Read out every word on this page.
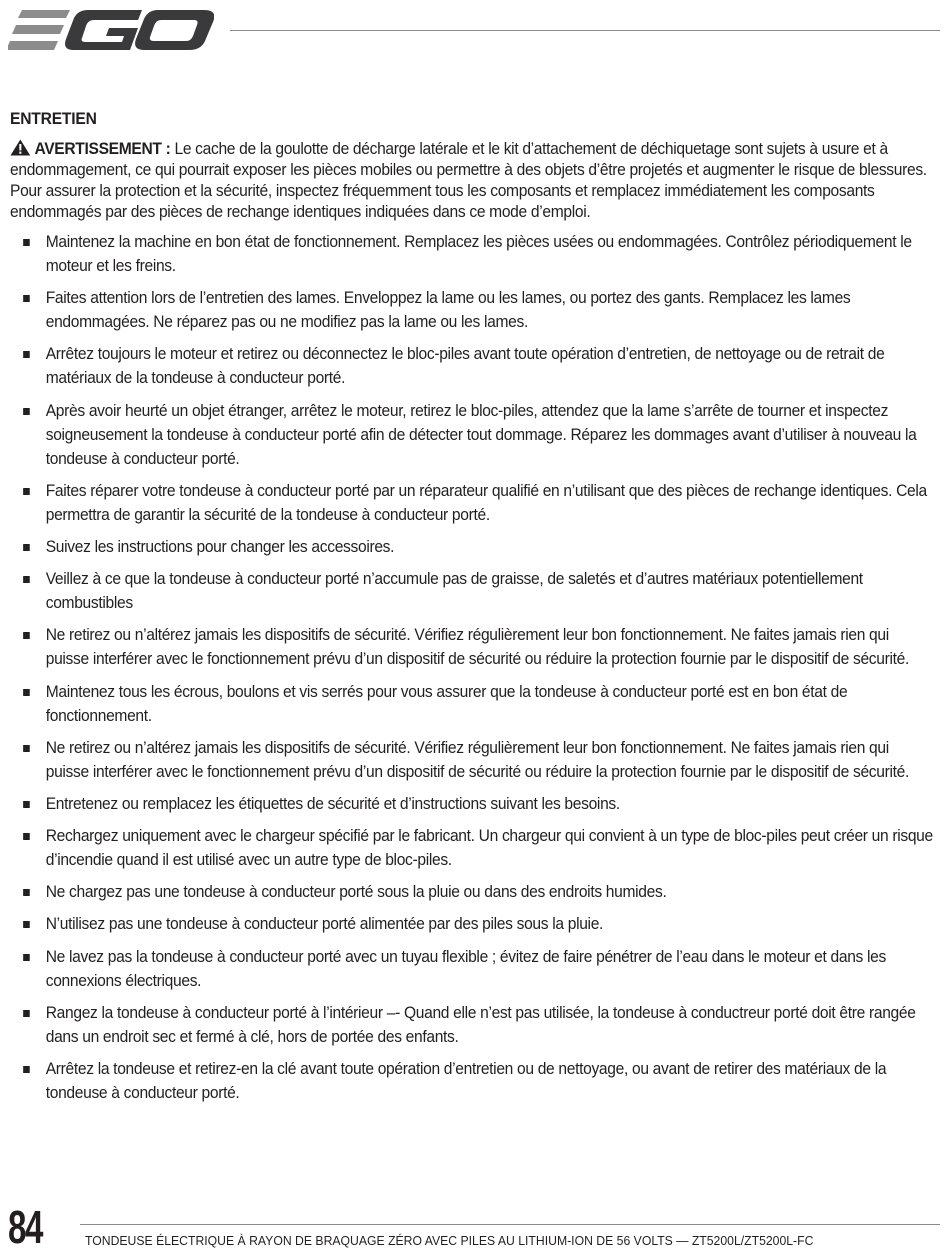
ENTRETIEN

AVERTISSEMENT : Le cache de la goulotte de décharge latérale et le kit d’attachement de déchiquetage sont sujets à usure et à endommagement, ce qui pourrait exposer les pièces mobiles ou permettre à des objets d’être projetés et augmenter le risque de blessures. Pour assurer la protection et la sécurité, inspectez fréquemment tous les composants et remplacez immédiatement les composants endommagés par des pièces de rechange identiques indiquées dans ce mode d’emploi.

Maintenez la machine en bon état de fonctionnement. Remplacez les pièces usées ou endommagées. Contrôlez périodiquement le moteur et les freins.
Faites attention lors de l’entretien des lames. Enveloppez la lame ou les lames, ou portez des gants. Remplacez les lames endommagées. Ne réparez pas ou ne modifiez pas la lame ou les lames.
Arrêtez toujours le moteur et retirez ou déconnectez le bloc-piles avant toute opération d’entretien, de nettoyage ou de retrait de matériaux de la tondeuse à conducteur porté.
Après avoir heurté un objet étranger, arrêtez le moteur, retirez le bloc-piles, attendez que la lame s’arrête de tourner et inspectez soigneusement la tondeuse à conducteur porté afin de détecter tout dommage. Réparez les dommages avant d’utiliser à nouveau la tondeuse à conducteur porté.
Faites réparer votre tondeuse à conducteur porté par un réparateur qualifié en n’utilisant que des pièces de rechange identiques. Cela permettra de garantir la sécurité de la tondeuse à conducteur porté.
Suivez les instructions pour changer les accessoires.
Veillez à ce que la tondeuse à conducteur porté n’accumule pas de graisse, de saletés et d’autres matériaux potentiellement combustibles
Ne retirez ou n’altérez jamais les dispositifs de sécurité. Vérifiez régulièrement leur bon fonctionnement. Ne faites jamais rien qui puisse interférer avec le fonctionnement prévu d’un dispositif de sécurité ou réduire la protection fournie par le dispositif de sécurité.
Maintenez tous les écrous, boulons et vis serrés pour vous assurer que la tondeuse à conducteur porté est en bon état de fonctionnement.
Ne retirez ou n’altérez jamais les dispositifs de sécurité. Vérifiez régulièrement leur bon fonctionnement. Ne faites jamais rien qui puisse interférer avec le fonctionnement prévu d’un dispositif de sécurité ou réduire la protection fournie par le dispositif de sécurité.
Entretenez ou remplacez les étiquettes de sécurité et d’instructions suivant les besoins.
Rechargez uniquement avec le chargeur spécifié par le fabricant. Un chargeur qui convient à un type de bloc-piles peut créer un risque d’incendie quand il est utilisé avec un autre type de bloc-piles.
Ne chargez pas une tondeuse à conducteur porté sous la pluie ou dans des endroits humides.
N’utilisez pas une tondeuse à conducteur porté alimentée par des piles sous la pluie.
Ne lavez pas la tondeuse à conducteur porté avec un tuyau flexible ; évitez de faire pénétrer de l’eau dans le moteur et dans les connexions électriques.
Rangez la tondeuse à conducteur porté à l’intérieur –- Quand elle n’est pas utilisée, la tondeuse à conductreur porté doit être rangée dans un endroit sec et fermé à clé, hors de portée des enfants.
Arrêtez la tondeuse et retirez-en la clé avant toute opération d’entretien ou de nettoyage, ou avant de retirer des matériaux de la tondeuse à conducteur porté.
84	TONDEUSE ÉLECTRIQUE À RAYON DE BRAQUAGE ZÉRO AVEC PILES AU LITHIUM-ION DE 56 VOLTS — ZT5200L/ZT5200L-FC
